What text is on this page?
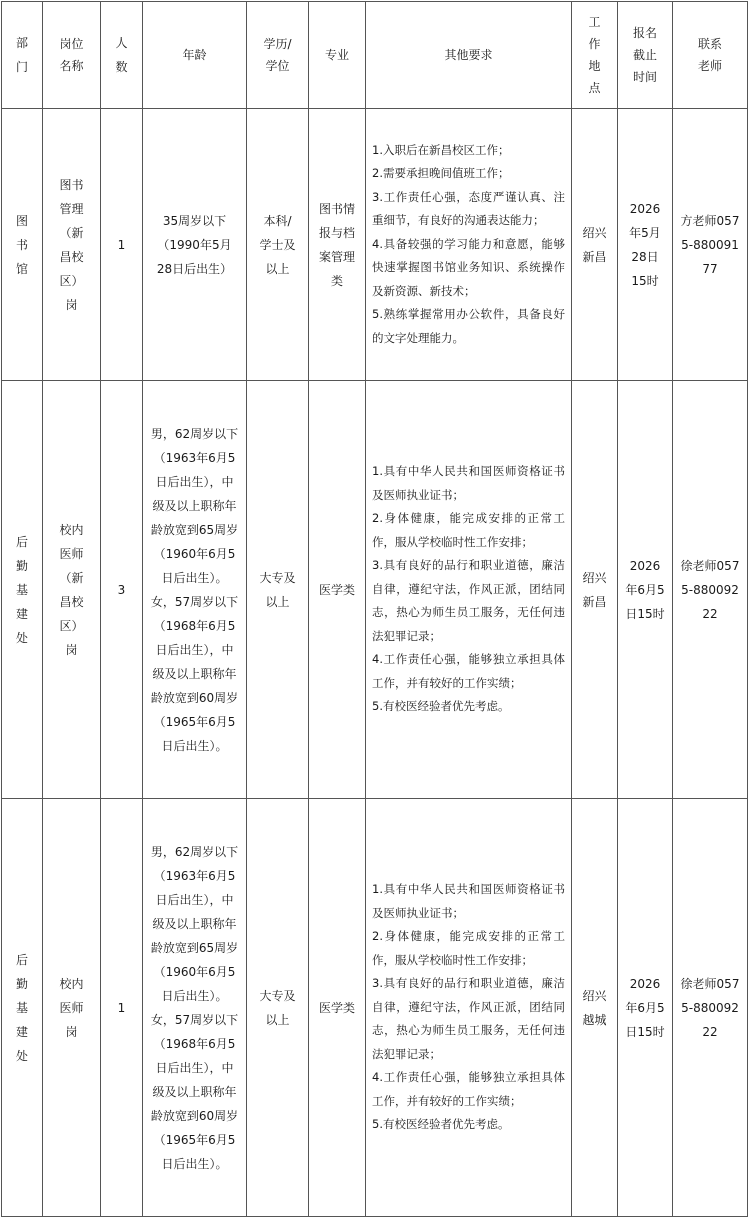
部门	岗位名称	人数	年龄	学历/学位	专业	其他要求	工作地点	报名截止时间	联系老师

图书馆	图书管理（新昌校区）岗	1	35周岁以下（1990年5月28日后出生）	本科/学士及以上	图书情报与档案管理类	1.入职后在新昌校区工作；
2.需要承担晚间值班工作；
3.工作责任心强，态度严谨认真、注重细节，有良好的沟通表达能力；
4.具备较强的学习能力和意愿，能够快速掌握图书馆业务知识、系统操作及新资源、新技术；
5.熟练掌握常用办公软件，具备良好的文字处理能力。	绍兴新昌	2026年5月28日15时	方老师0575-88009177

后勤基建处	校内医师（新昌校区）岗	3	男，62周岁以下（1963年6月5日后出生），中级及以上职称年龄放宽到65周岁（1960年6月5日后出生）。女，57周岁以下（1968年6月5日后出生），中级及以上职称年龄放宽到60周岁（1965年6月5日后出生）。	大专及以上	医学类	1.具有中华人民共和国医师资格证书及医师执业证书；
2.身体健康，能完成安排的正常工作，服从学校临时性工作安排；
3.具有良好的品行和职业道德，廉洁自律，遵纪守法，作风正派，团结同志，热心为师生员工服务，无任何违法犯罪记录；
4.工作责任心强，能够独立承担具体工作，并有较好的工作实绩；
5.有校医经验者优先考虑。	绍兴新昌	2026年6月5日15时	徐老师0575-88009222

后勤基建处	校内医师岗	1	男，62周岁以下（1963年6月5日后出生），中级及以上职称年龄放宽到65周岁（1960年6月5日后出生）。女，57周岁以下（1968年6月5日后出生），中级及以上职称年龄放宽到60周岁（1965年6月5日后出生）。	大专及以上	医学类	1.具有中华人民共和国医师资格证书及医师执业证书；
2.身体健康，能完成安排的正常工作，服从学校临时性工作安排；
3.具有良好的品行和职业道德，廉洁自律，遵纪守法，作风正派，团结同志，热心为师生员工服务，无任何违法犯罪记录；
4.工作责任心强，能够独立承担具体工作，并有较好的工作实绩；
5.有校医经验者优先考虑。	绍兴越城	2026年6月5日15时	徐老师0575-88009222
